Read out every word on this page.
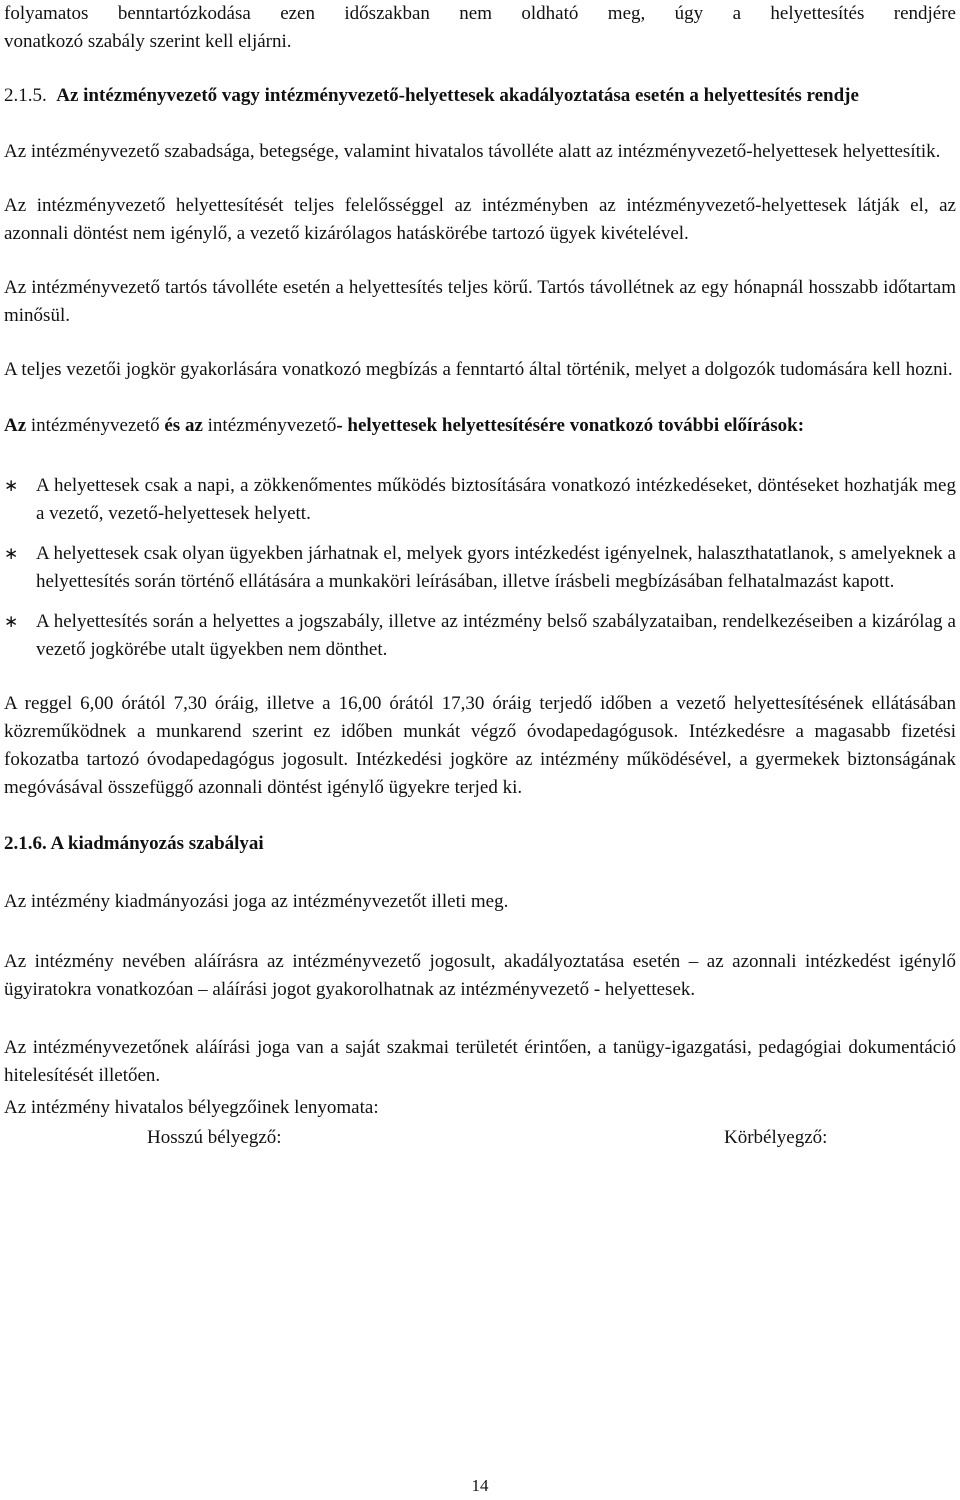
folyamatos benntartózkodása ezen időszakban nem oldható meg, úgy a helyettesítés rendjére
vonatkozó szabály szerint kell eljárni.

2.1.5. Az intézményvezető vagy intézményvezető-helyettesek akadályoztatása esetén a helyettesítés rendje

Az intézményvezető szabadsága, betegsége, valamint hivatalos távolléte alatt az intézményvezető-helyettesek helyettesítik.

Az intézményvezető helyettesítését teljes felelősséggel az intézményben az intézményvezető-helyettesek látják el, az azonnali döntést nem igénylő, a vezető kizárólagos hatáskörébe tartozó ügyek kivételével.

Az intézményvezető tartós távolléte esetén a helyettesítés teljes körű. Tartós távollétnek az egy hónapnál hosszabb időtartam minősül.

A teljes vezetői jogkör gyakorlására vonatkozó megbízás a fenntartó által történik, melyet a dolgozók tudomására kell hozni.

Az intézményvezető és az intézményvezető- helyettesek helyettesítésére vonatkozó további előírások:

∗ A helyettesek csak a napi, a zökkenőmentes működés biztosítására vonatkozó intézkedéseket, döntéseket hozhatják meg a vezető, vezető-helyettesek helyett.
∗ A helyettesek csak olyan ügyekben járhatnak el, melyek gyors intézkedést igényelnek, halaszthatatlanok, s amelyeknek a helyettesítés során történő ellátására a munkaköri leírásában, illetve írásbeli megbízásában felhatalmazást kapott.
∗ A helyettesítés során a helyettes a jogszabály, illetve az intézmény belső szabályzataiban, rendelkezéseiben a kizárólag a vezető jogkörébe utalt ügyekben nem dönthet.

A reggel 6,00 órától 7,30 óráig, illetve a 16,00 órától 17,30 óráig terjedő időben a vezető helyettesítésének ellátásában közreműködnek a munkarend szerint ez időben munkát végző óvodapedagógusok. Intézkedésre a magasabb fizetési fokozatba tartozó óvodapedagógus jogosult. Intézkedési jogköre az intézmény működésével, a gyermekek biztonságának megóvásával összefüggő azonnali döntést igénylő ügyekre terjed ki.

2.1.6. A kiadmányozás szabályai

Az intézmény kiadmányozási joga az intézményvezetőt illeti meg.

Az intézmény nevében aláírásra az intézményvezető jogosult, akadályoztatása esetén – az azonnali intézkedést igénylő ügyiratokra vonatkozóan – aláírási jogot gyakorolhatnak az intézményvezető - helyettesek.

Az intézményvezetőnek aláírási joga van a saját szakmai területét érintően, a tanügy-igazgatási, pedagógiai dokumentáció hitelesítését illetően.

Az intézmény hivatalos bélyegzőinek lenyomata:

Hosszú bélyegző:	Körbélyegző:
14
